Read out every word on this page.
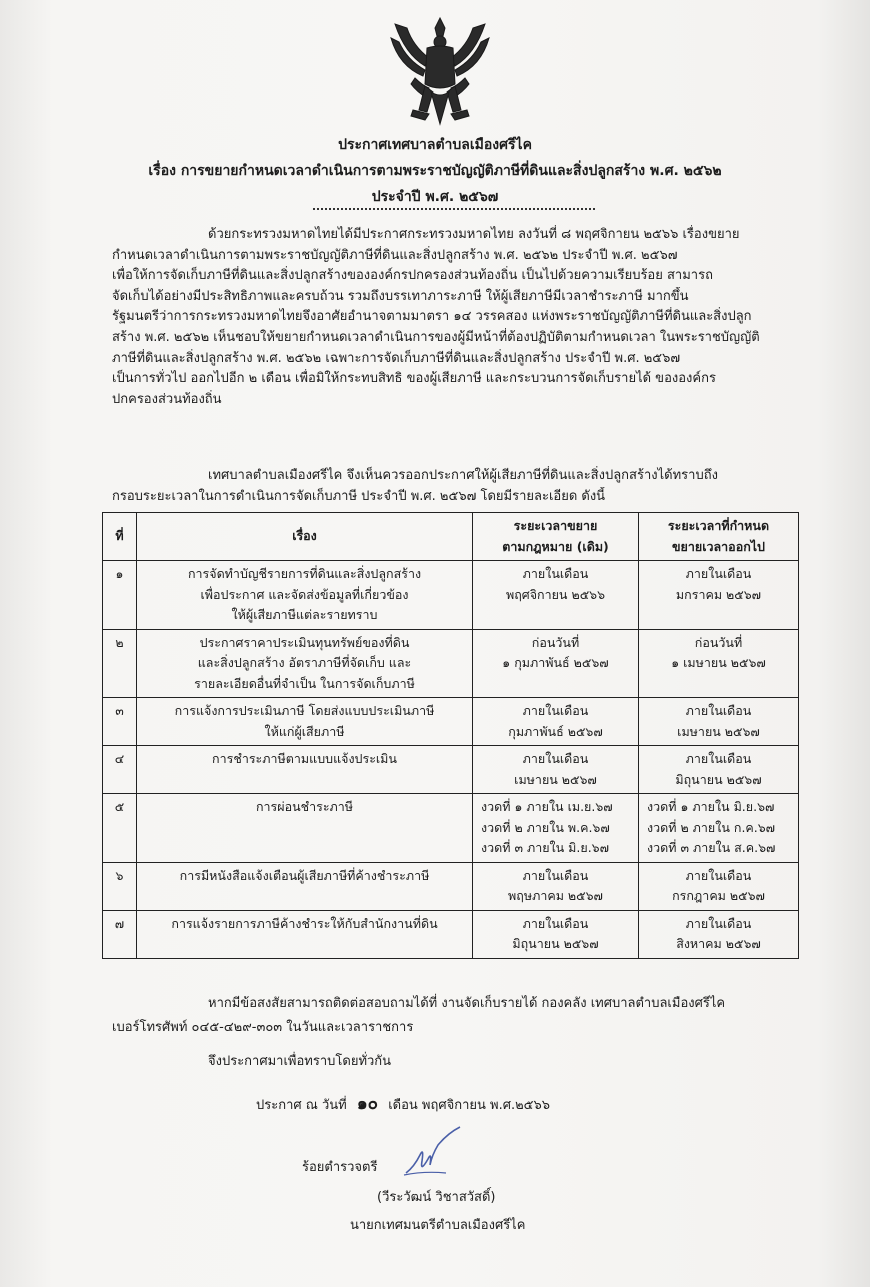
ประกาศเทศบาลตำบลเมืองศรีไค
เรื่อง การขยายกำหนดเวลาดำเนินการตามพระราชบัญญัติภาษีที่ดินและสิ่งปลูกสร้าง พ.ศ. ๒๕๖๒
ประจำปี พ.ศ. ๒๕๖๗
ด้วยกระทรวงมหาดไทยได้มีประกาศกระทรวงมหาดไทย ลงวันที่ ๘ พฤศจิกายน ๒๕๖๖ เรื่องขยาย
กำหนดเวลาดำเนินการตามพระราชบัญญัติภาษีที่ดินและสิ่งปลูกสร้าง พ.ศ. ๒๕๖๒ ประจำปี พ.ศ. ๒๕๖๗
เพื่อให้การจัดเก็บภาษีที่ดินและสิ่งปลูกสร้างขององค์กรปกครองส่วนท้องถิ่น เป็นไปด้วยความเรียบร้อย สามารถ
จัดเก็บได้อย่างมีประสิทธิภาพและครบถ้วน รวมถึงบรรเทาภาระภาษี ให้ผู้เสียภาษีมีเวลาชำระภาษี มากขึ้น
รัฐมนตรีว่าการกระทรวงมหาดไทยจึงอาศัยอำนาจตามมาตรา ๑๔ วรรคสอง แห่งพระราชบัญญัติภาษีที่ดินและสิ่งปลูก
สร้าง พ.ศ. ๒๕๖๒ เห็นชอบให้ขยายกำหนดเวลาดำเนินการของผู้มีหน้าที่ต้องปฏิบัติตามกำหนดเวลา ในพระราชบัญญัติ
ภาษีที่ดินและสิ่งปลูกสร้าง พ.ศ. ๒๕๖๒ เฉพาะการจัดเก็บภาษีที่ดินและสิ่งปลูกสร้าง ประจำปี พ.ศ. ๒๕๖๗
เป็นการทั่วไป ออกไปอีก ๒ เดือน เพื่อมิให้กระทบสิทธิ ของผู้เสียภาษี และกระบวนการจัดเก็บรายได้ ขององค์กร
ปกครองส่วนท้องถิ่น
เทศบาลตำบลเมืองศรีไค จึงเห็นควรออกประกาศให้ผู้เสียภาษีที่ดินและสิ่งปลูกสร้างได้ทราบถึง
กรอบระยะเวลาในการดำเนินการจัดเก็บภาษี ประจำปี พ.ศ. ๒๕๖๗ โดยมีรายละเอียด ดังนี้
ที่	เรื่อง	ระยะเวลาขยาย
ตามกฎหมาย (เดิม)	ระยะเวลาที่กำหนด
ขยายเวลาออกไป

๑	การจัดทำบัญชีรายการที่ดินและสิ่งปลูกสร้าง
เพื่อประกาศ และจัดส่งข้อมูลที่เกี่ยวข้อง
ให้ผู้เสียภาษีแต่ละรายทราบ	ภายในเดือน
พฤศจิกายน ๒๕๖๖	ภายในเดือน
มกราคม ๒๕๖๗

๒	ประกาศราคาประเมินทุนทรัพย์ของที่ดิน
และสิ่งปลูกสร้าง อัตราภาษีที่จัดเก็บ และ
รายละเอียดอื่นที่จำเป็น ในการจัดเก็บภาษี	ก่อนวันที่
๑ กุมภาพันธ์ ๒๕๖๗	ก่อนวันที่
๑ เมษายน ๒๕๖๗

๓	การแจ้งการประเมินภาษี โดยส่งแบบประเมินภาษี
ให้แก่ผู้เสียภาษี	ภายในเดือน
กุมภาพันธ์ ๒๕๖๗	ภายในเดือน
เมษายน ๒๕๖๗

๔	การชำระภาษีตามแบบแจ้งประเมิน	ภายในเดือน
เมษายน ๒๕๖๗	ภายในเดือน
มิถุนายน ๒๕๖๗

๕	การผ่อนชำระภาษี	งวดที่ ๑ ภายใน เม.ย.๖๗
งวดที่ ๒ ภายใน พ.ค.๖๗
งวดที่ ๓ ภายใน มิ.ย.๖๗	งวดที่ ๑ ภายใน มิ.ย.๖๗
งวดที่ ๒ ภายใน ก.ค.๖๗
งวดที่ ๓ ภายใน ส.ค.๖๗

๖	การมีหนังสือแจ้งเตือนผู้เสียภาษีที่ค้างชำระภาษี	ภายในเดือน
พฤษภาคม ๒๕๖๗	ภายในเดือน
กรกฎาคม ๒๕๖๗

๗	การแจ้งรายการภาษีค้างชำระให้กับสำนักงานที่ดิน	ภายในเดือน
มิถุนายน ๒๕๖๗	ภายในเดือน
สิงหาคม ๒๕๖๗
หากมีข้อสงสัยสามารถติดต่อสอบถามได้ที่ งานจัดเก็บรายได้ กองคลัง เทศบาลตำบลเมืองศรีไค
เบอร์โทรศัพท์ ๐๔๕-๔๒๙-๓๐๓ ในวันและเวลาราชการ
จึงประกาศมาเพื่อทราบโดยทั่วกัน
ประกาศ ณ วันที่ ๑๐ เดือน พฤศจิกายน พ.ศ.๒๕๖๖
ร้อยตำรวจตรี
(วีระวัฒน์ วิชาสวัสดิ์)
นายกเทศมนตรีตำบลเมืองศรีไค
